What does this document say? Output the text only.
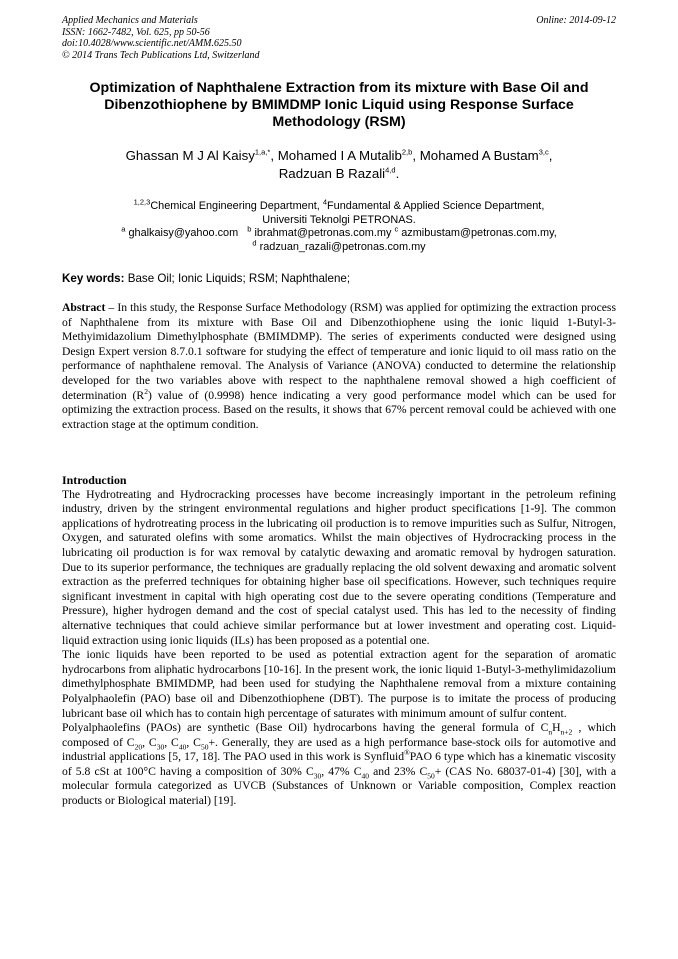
Applied Mechanics and Materials
ISSN: 1662-7482, Vol. 625, pp 50-56
doi:10.4028/www.scientific.net/AMM.625.50
© 2014 Trans Tech Publications Ltd, Switzerland
Online: 2014-09-12
Optimization of Naphthalene Extraction from its mixture with Base Oil and Dibenzothiophene by BMIMDMP Ionic Liquid using Response Surface Methodology (RSM)
Ghassan M J Al Kaisy$^{1,a,*}$, Mohamed I A Mutalib$^{2,b}$, Mohamed A Bustam$^{3,c}$,
Radzuan B Razali$^{4,d}$.
$^{1,2,3}$Chemical Engineering Department, $^4$Fundamental & Applied Science Department,
Universiti Teknolgi PETRONAS.
$^a$ ghalkaisy@yahoo.com $^b$ ibrahmat@petronas.com.my $^c$ azmibustam@petronas.com.my,
$^d$ radzuan_razali@petronas.com.my
Key words: Base Oil; Ionic Liquids; RSM; Naphthalene;

Abstract – In this study, the Response Surface Methodology (RSM) was applied for optimizing the extraction process of Naphthalene from its mixture with Base Oil and Dibenzothiophene using the ionic liquid 1-Butyl-3-Methyimidazolium Dimethylphosphate (BMIMDMP). The series of experiments conducted were designed using Design Expert version 8.7.0.1 software for studying the effect of temperature and ionic liquid to oil mass ratio on the performance of naphthalene removal. The Analysis of Variance (ANOVA) conducted to determine the relationship developed for the two variables above with respect to the naphthalene removal showed a high coefficient of determination $(R^2)$ value of (0.9998) hence indicating a very good performance model which can be used for optimizing the extraction process. Based on the results, it shows that 67% percent removal could be achieved with one extraction stage at the optimum condition.

Introduction

The Hydrotreating and Hydrocracking processes have become increasingly important in the petroleum refining industry, driven by the stringent environmental regulations and higher product specifications [1-9]. The common applications of hydrotreating process in the lubricating oil production is to remove impurities such as Sulfur, Nitrogen, Oxygen, and saturated olefins with some aromatics. Whilst the main objectives of Hydrocracking process in the lubricating oil production is for wax removal by catalytic dewaxing and aromatic removal by hydrogen saturation. Due to its superior performance, the techniques are gradually replacing the old solvent dewaxing and aromatic solvent extraction as the preferred techniques for obtaining higher base oil specifications. However, such techniques require significant investment in capital with high operating cost due to the severe operating conditions (Temperature and Pressure), higher hydrogen demand and the cost of special catalyst used. This has led to the necessity of finding alternative techniques that could achieve similar performance but at lower investment and operating cost. Liquid-liquid extraction using ionic liquids (ILs) has been proposed as a potential one.

The ionic liquids have been reported to be used as potential extraction agent for the separation of aromatic hydrocarbons from aliphatic hydrocarbons [10-16]. In the present work, the ionic liquid 1-Butyl-3-methylimidazolium dimethylphosphate BMIMDMP, had been used for studying the Naphthalene removal from a mixture containing Polyalphaolefin (PAO) base oil and Dibenzothiophene (DBT). The purpose is to imitate the process of producing lubricant base oil which has to contain high percentage of saturates with minimum amount of sulfur content.

Polyalphaolefins (PAOs) are synthetic (Base Oil) hydrocarbons having the general formula of $C_nH_{n+2}$ , which composed of $C_{20}$, $C_{30}$, $C_{40}$, $C_{50}+$. Generally, they are used as a high performance base-stock oils for automotive and industrial applications [5, 17, 18]. The PAO used in this work is Synfluid®PAO 6 type which has a kinematic viscosity of 5.8 cSt at 100°C having a composition of 30% $C_{30}$, 47% $C_{40}$ and 23% $C_{50}+ (CAS$ No. 68037-01-4) [30], with a molecular formula categorized as UVCB (Substances of Unknown or Variable composition, Complex reaction products or Biological material) [19].
